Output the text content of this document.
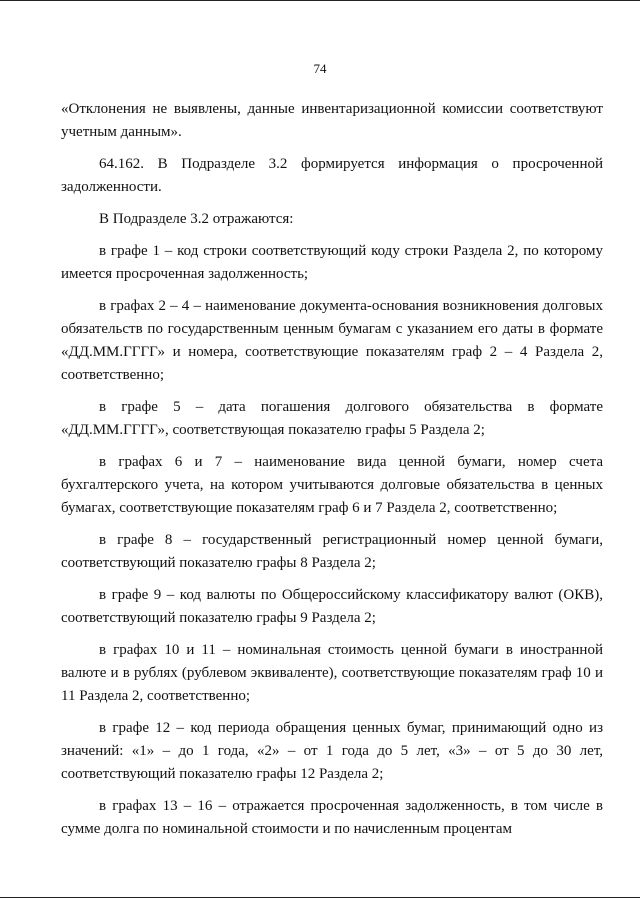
74

«Отклонения не выявлены, данные инвентаризационной комиссии соответствуют учетным данным».

64.162. В Подразделе 3.2 формируется информация о просроченной задолженности.

В Подразделе 3.2 отражаются:

в графе 1 – код строки соответствующий коду строки Раздела 2, по которому имеется просроченная задолженность;

в графах 2 – 4 – наименование документа-основания возникновения долговых обязательств по государственным ценным бумагам с указанием его даты в формате «ДД.ММ.ГГГГ» и номера, соответствующие показателям граф 2 – 4 Раздела 2, соответственно;

в графе 5 – дата погашения долгового обязательства в формате «ДД.ММ.ГГГГ», соответствующая показателю графы 5 Раздела 2;

в графах 6 и 7 – наименование вида ценной бумаги, номер счета бухгалтерского учета, на котором учитываются долговые обязательства в ценных бумагах, соответствующие показателям граф 6 и 7 Раздела 2, соответственно;

в графе 8 – государственный регистрационный номер ценной бумаги, соответствующий показателю графы 8 Раздела 2;

в графе 9 – код валюты по Общероссийскому классификатору валют (ОКВ), соответствующий показателю графы 9 Раздела 2;

в графах 10 и 11 – номинальная стоимость ценной бумаги в иностранной валюте и в рублях (рублевом эквиваленте), соответствующие показателям граф 10 и 11 Раздела 2, соответственно;

в графе 12 – код периода обращения ценных бумаг, принимающий одно из значений: «1» – до 1 года, «2» – от 1 года до 5 лет, «3» – от 5 до 30 лет, соответствующий показателю графы 12 Раздела 2;

в графах 13 – 16 – отражается просроченная задолженность, в том числе в сумме долга по номинальной стоимости и по начисленным процентам
